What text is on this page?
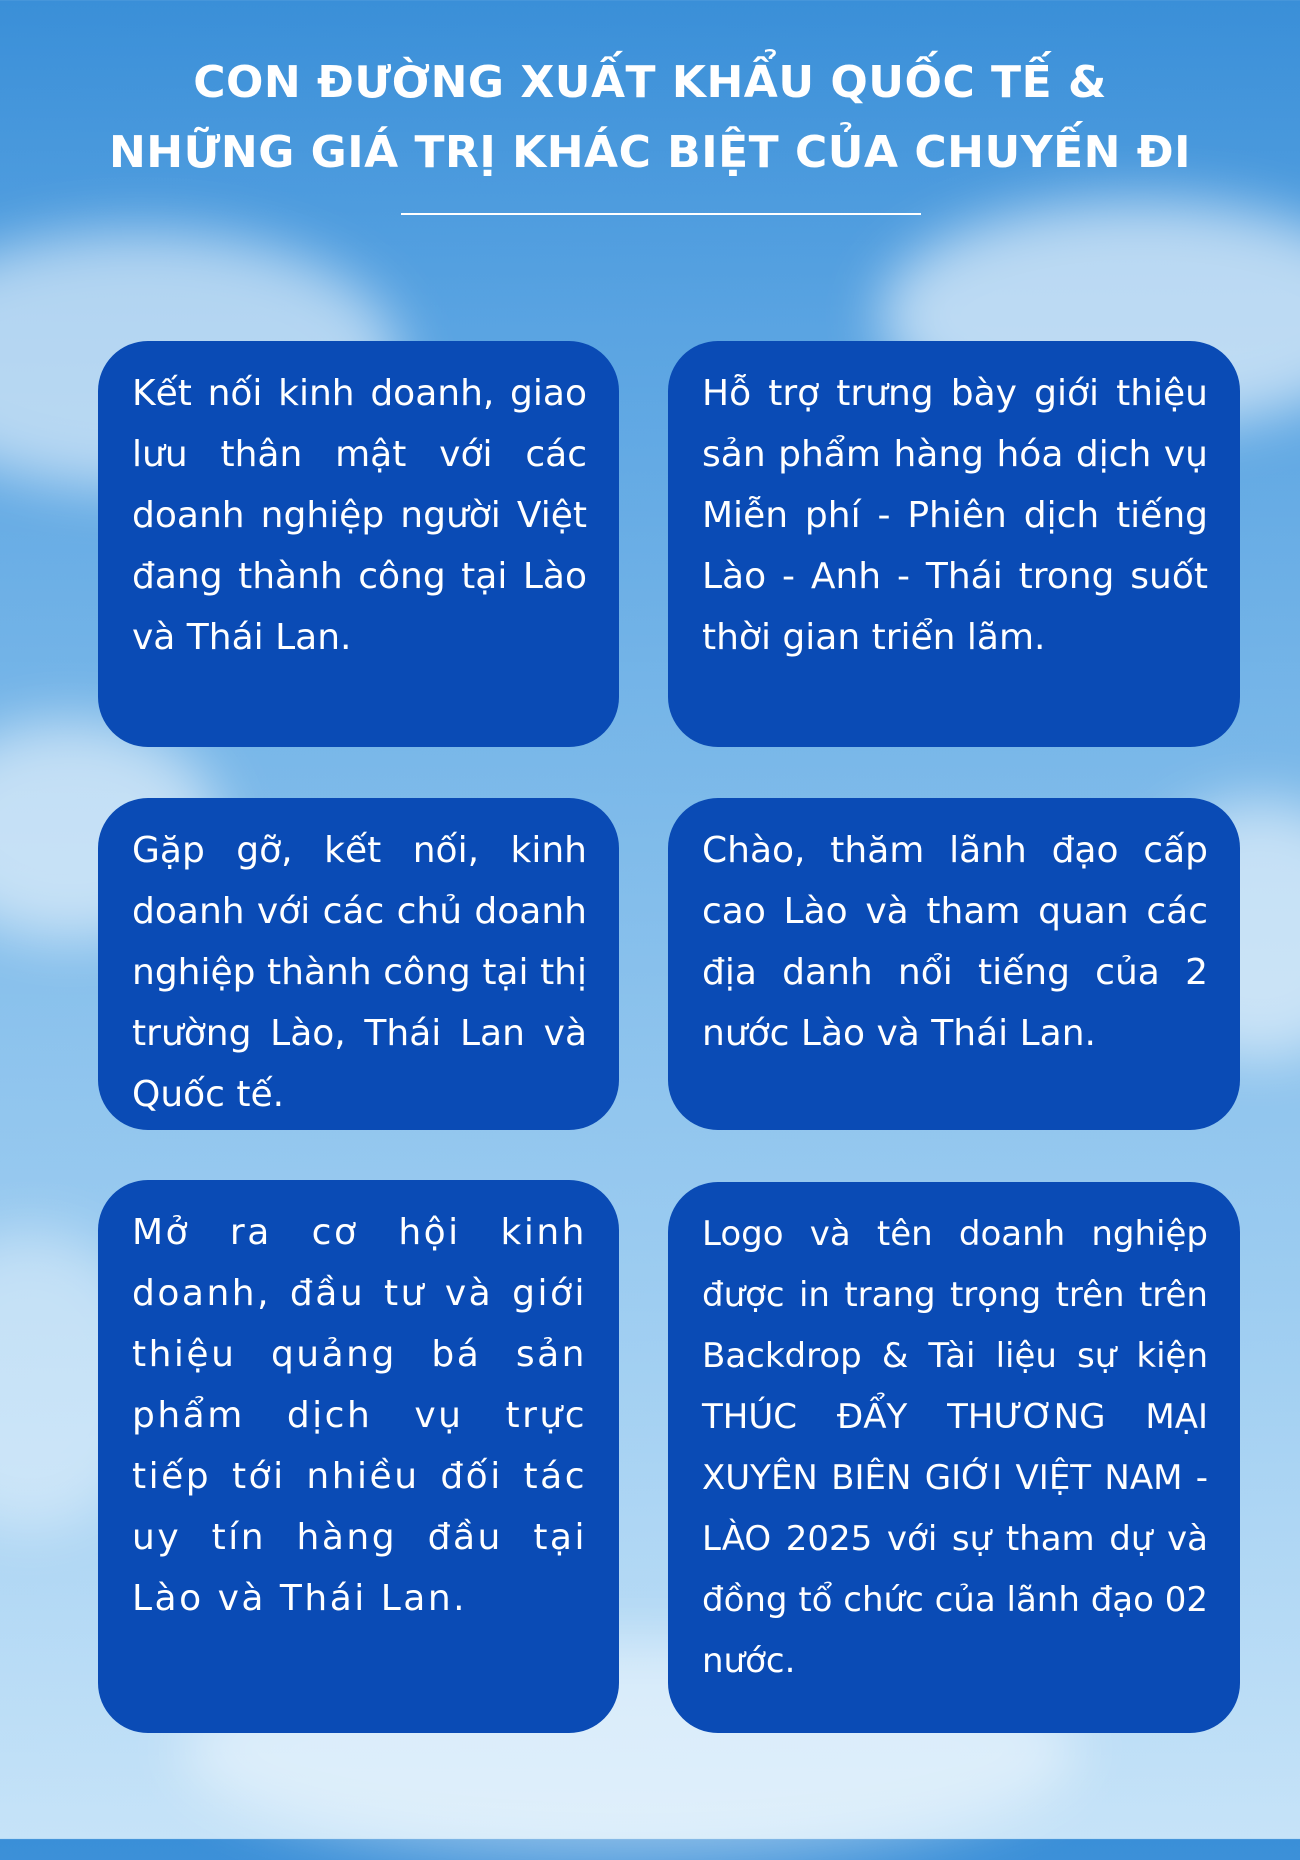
CON ĐƯỜNG XUẤT KHẨU QUỐC TẾ &
NHỮNG GIÁ TRỊ KHÁC BIỆT CỦA CHUYẾN ĐI

Kết nối kinh doanh, giao lưu thân mật với các doanh nghiệp người Việt đang thành công tại Lào và Thái Lan.

Hỗ trợ trưng bày giới thiệu sản phẩm hàng hóa dịch vụ Miễn phí - Phiên dịch tiếng Lào - Anh - Thái trong suốt thời gian triển lãm.

Gặp gỡ, kết nối, kinh doanh với các chủ doanh nghiệp thành công tại thị trường Lào, Thái Lan và Quốc tế.

Chào, thăm lãnh đạo cấp cao Lào và tham quan các địa danh nổi tiếng của 2 nước Lào và Thái Lan.

Mở ra cơ hội kinh doanh, đầu tư và giới thiệu quảng bá sản phẩm dịch vụ trực tiếp tới nhiều đối tác uy tín hàng đầu tại Lào và Thái Lan.

Logo và tên doanh nghiệp được in trang trọng trên trên Backdrop & Tài liệu sự kiện THÚC ĐẨY THƯƠNG MẠI XUYÊN BIÊN GIỚI VIỆT NAM - LÀO 2025 với sự tham dự và đồng tổ chức của lãnh đạo 02 nước.
